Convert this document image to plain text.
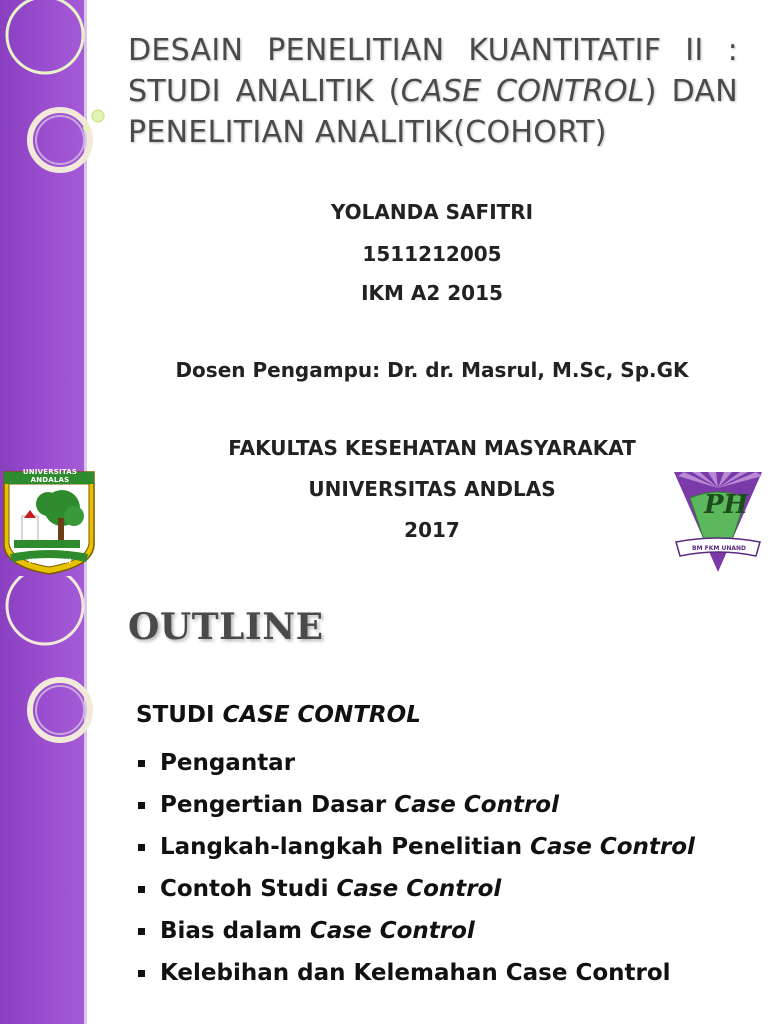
DESAIN PENELITIAN KUANTITATIF II :
STUDI ANALITIK (CASE CONTROL) DAN
PENELITIAN ANALITIK(COHORT)

YOLANDA SAFITRI

1511212005

IKM A2 2015

Dosen Pengampu: Dr. dr. Masrul, M.Sc, Sp.GK

FAKULTAS KESEHATAN MASYARAKAT

UNIVERSITAS ANDLAS

2017

UNIVERSITAS ANDALAS
KEDJADJAAN
PH
BM FKM UNAND
OUTLINE

STUDI CASE CONTROL

Pengantar
Pengertian Dasar Case Control
Langkah-langkah Penelitian Case Control
Contoh Studi Case Control
Bias dalam Case Control
Kelebihan dan Kelemahan Case Control
